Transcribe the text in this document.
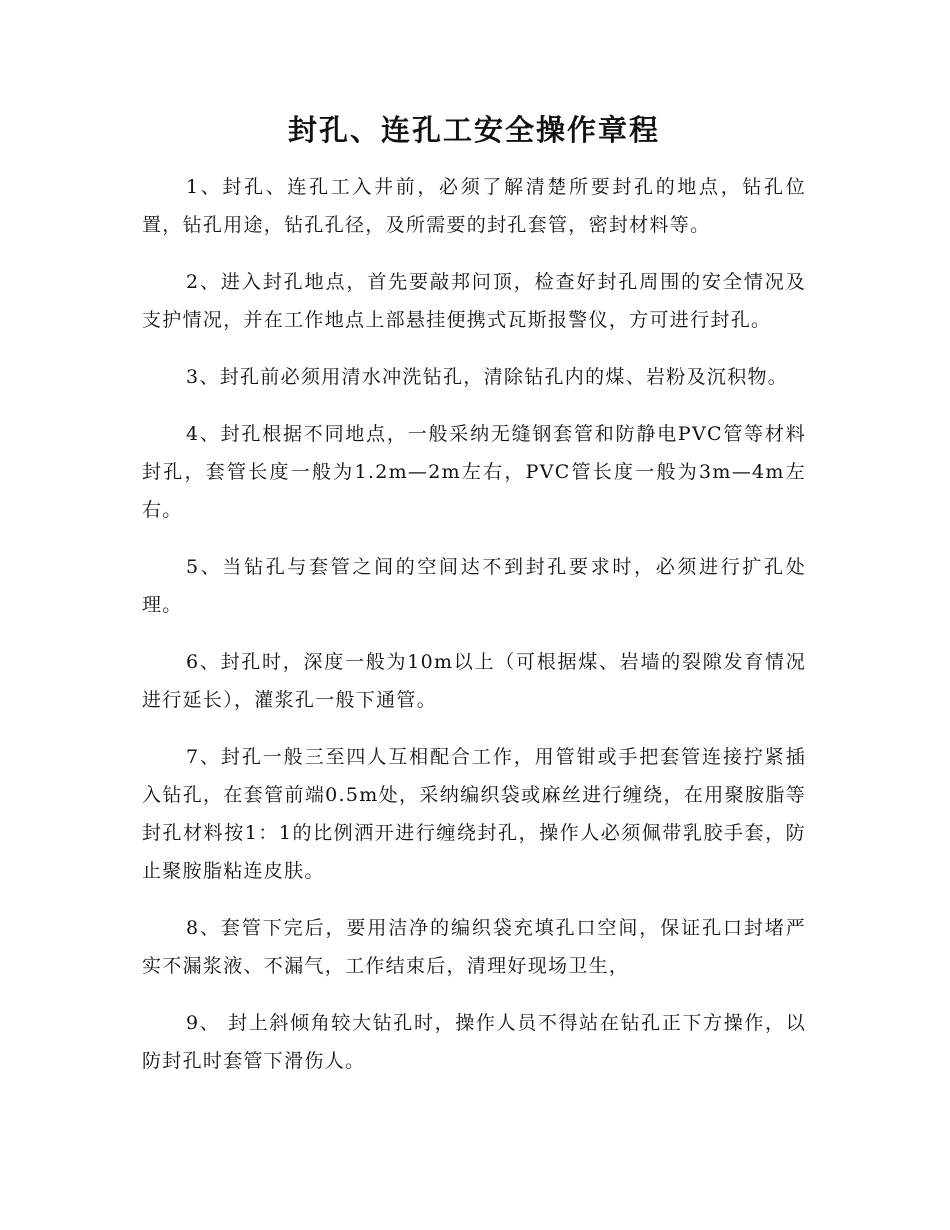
封孔、连孔工安全操作章程

1、封孔、连孔工入井前，必须了解清楚所要封孔的地点，钻孔位置，钻孔用途，钻孔孔径，及所需要的封孔套管，密封材料等。

2、进入封孔地点，首先要敲邦问顶，检查好封孔周围的安全情况及支护情况，并在工作地点上部悬挂便携式瓦斯报警仪，方可进行封孔。

3、封孔前必须用清水冲洗钻孔，清除钻孔内的煤、岩粉及沉积物。

4、封孔根据不同地点，一般采纳无缝钢套管和防静电PVC管等材料封孔，套管长度一般为1.2m—2m左右，PVC管长度一般为3m—4m左右。

5、当钻孔与套管之间的空间达不到封孔要求时，必须进行扩孔处理。

6、封孔时，深度一般为10m以上（可根据煤、岩墙的裂隙发育情况进行延长），灌浆孔一般下通管。

7、封孔一般三至四人互相配合工作，用管钳或手把套管连接拧紧插入钻孔，在套管前端0.5m处，采纳编织袋或麻丝进行缠绕，在用聚胺脂等封孔材料按1：1的比例洒开进行缠绕封孔，操作人必须佩带乳胶手套，防止聚胺脂粘连皮肤。

8、套管下完后，要用洁净的编织袋充填孔口空间，保证孔口封堵严实不漏浆液、不漏气，工作结束后，清理好现场卫生，

9、 封上斜倾角较大钻孔时，操作人员不得站在钻孔正下方操作，以防封孔时套管下滑伤人。
